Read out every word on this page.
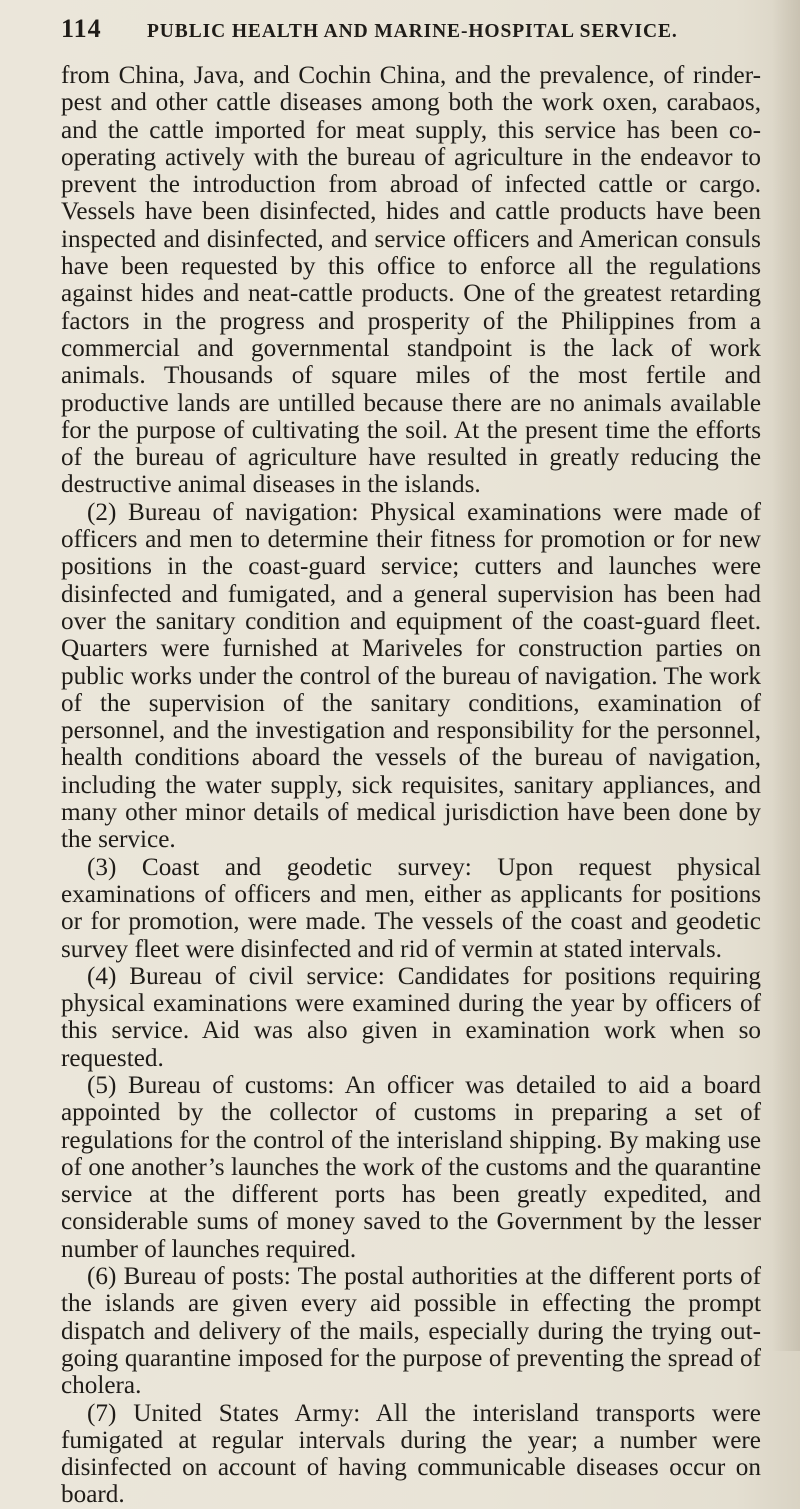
114	PUBLIC HEALTH AND MARINE-HOSPITAL SERVICE.

from China, Java, and Cochin China, and the prevalence, of rinder-pest and other cattle diseases among both the work oxen, carabaos, and the cattle imported for meat supply, this service has been co-operating actively with the bureau of agriculture in the endeavor to prevent the introduction from abroad of infected cattle or cargo. Vessels have been disinfected, hides and cattle products have been inspected and disinfected, and service officers and American consuls have been requested by this office to enforce all the regulations against hides and neat-cattle products. One of the greatest retarding factors in the progress and prosperity of the Philippines from a commercial and governmental standpoint is the lack of work animals. Thousands of square miles of the most fertile and productive lands are untilled because there are no animals available for the purpose of cultivating the soil. At the present time the efforts of the bureau of agriculture have resulted in greatly reducing the destructive animal diseases in the islands.

(2) Bureau of navigation: Physical examinations were made of officers and men to determine their fitness for promotion or for new positions in the coast-guard service; cutters and launches were disinfected and fumigated, and a general supervision has been had over the sanitary condition and equipment of the coast-guard fleet. Quarters were furnished at Mariveles for construction parties on public works under the control of the bureau of navigation. The work of the supervision of the sanitary conditions, examination of personnel, and the investigation and responsibility for the personnel, health conditions aboard the vessels of the bureau of navigation, including the water supply, sick requisites, sanitary appliances, and many other minor details of medical jurisdiction have been done by the service.

(3) Coast and geodetic survey: Upon request physical examinations of officers and men, either as applicants for positions or for promotion, were made. The vessels of the coast and geodetic survey fleet were disinfected and rid of vermin at stated intervals.

(4) Bureau of civil service: Candidates for positions requiring physical examinations were examined during the year by officers of this service. Aid was also given in examination work when so requested.

(5) Bureau of customs: An officer was detailed to aid a board appointed by the collector of customs in preparing a set of regulations for the control of the interisland shipping. By making use of one another’s launches the work of the customs and the quarantine service at the different ports has been greatly expedited, and considerable sums of money saved to the Government by the lesser number of launches required.

(6) Bureau of posts: The postal authorities at the different ports of the islands are given every aid possible in effecting the prompt dispatch and delivery of the mails, especially during the trying out-going quarantine imposed for the purpose of preventing the spread of cholera.

(7) United States Army: All the interisland transports were fumigated at regular intervals during the year; a number were disinfected on account of having communicable diseases occur on board.
